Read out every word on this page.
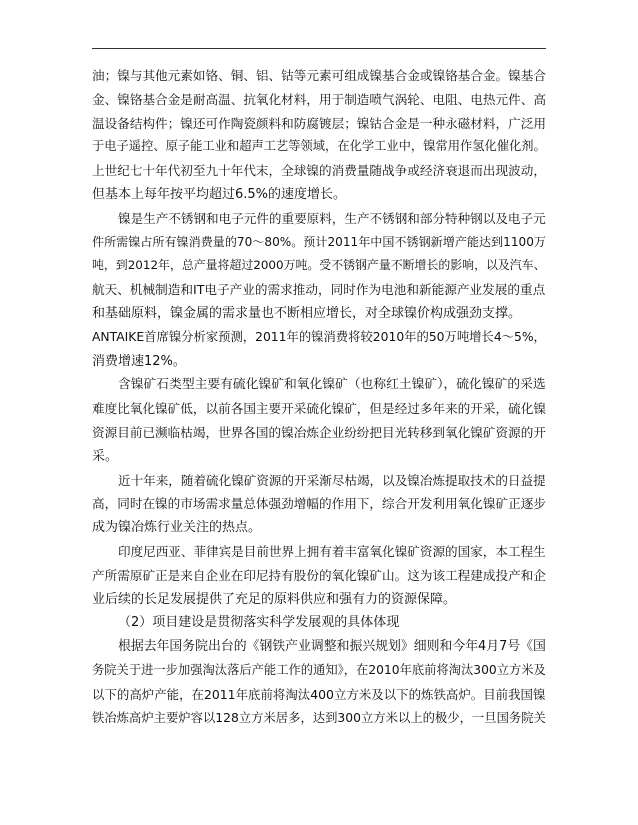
油；镍与其他元素如铬、铜、铝、钴等元素可组成镍基合金或镍铬基合金。镍基合
金、镍铬基合金是耐高温、抗氧化材料，用于制造喷气涡轮、电阻、电热元件、高
温设备结构件；镍还可作陶瓷颜料和防腐镀层；镍钴合金是一种永磁材料，广泛用
于电子遥控、原子能工业和超声工艺等领域，在化学工业中，镍常用作氢化催化剂。
上世纪七十年代初至九十年代末，全球镍的消费量随战争或经济衰退而出现波动，
但基本上每年按平均超过6.5%的速度增长。
镍是生产不锈钢和电子元件的重要原料，生产不锈钢和部分特种钢以及电子元
件所需镍占所有镍消费量的70～80%。预计2011年中国不锈钢新增产能达到1100万
吨，到2012年，总产量将超过2000万吨。受不锈钢产量不断增长的影响，以及汽车、
航天、机械制造和IT电子产业的需求推动，同时作为电池和新能源产业发展的重点
和基础原料，镍金属的需求量也不断相应增长，对全球镍价构成强劲支撑。
ANTAIKE首席镍分析家预测，2011年的镍消费将较2010年的50万吨增长4～5%，
消费增速12%。
含镍矿石类型主要有硫化镍矿和氧化镍矿（也称红土镍矿），硫化镍矿的采选
难度比氧化镍矿低，以前各国主要开采硫化镍矿，但是经过多年来的开采，硫化镍
资源目前已濒临枯竭，世界各国的镍冶炼企业纷纷把目光转移到氧化镍矿资源的开
采。
近十年来，随着硫化镍矿资源的开采渐尽枯竭，以及镍冶炼提取技术的日益提
高，同时在镍的市场需求量总体强劲增幅的作用下，综合开发利用氧化镍矿正逐步
成为镍冶炼行业关注的热点。
印度尼西亚、菲律宾是目前世界上拥有着丰富氧化镍矿资源的国家，本工程生
产所需原矿正是来自企业在印尼持有股份的氧化镍矿山。这为该工程建成投产和企
业后续的长足发展提供了充足的原料供应和强有力的资源保障。
（2）项目建设是贯彻落实科学发展观的具体体现
根据去年国务院出台的《钢铁产业调整和振兴规划》细则和今年4月7号《国
务院关于进一步加强淘汰落后产能工作的通知》，在2010年底前将淘汰300立方米及
以下的高炉产能，在2011年底前将淘汰400立方米及以下的炼铁高炉。目前我国镍
铁冶炼高炉主要炉容以128立方米居多，达到300立方米以上的极少，一旦国务院关
